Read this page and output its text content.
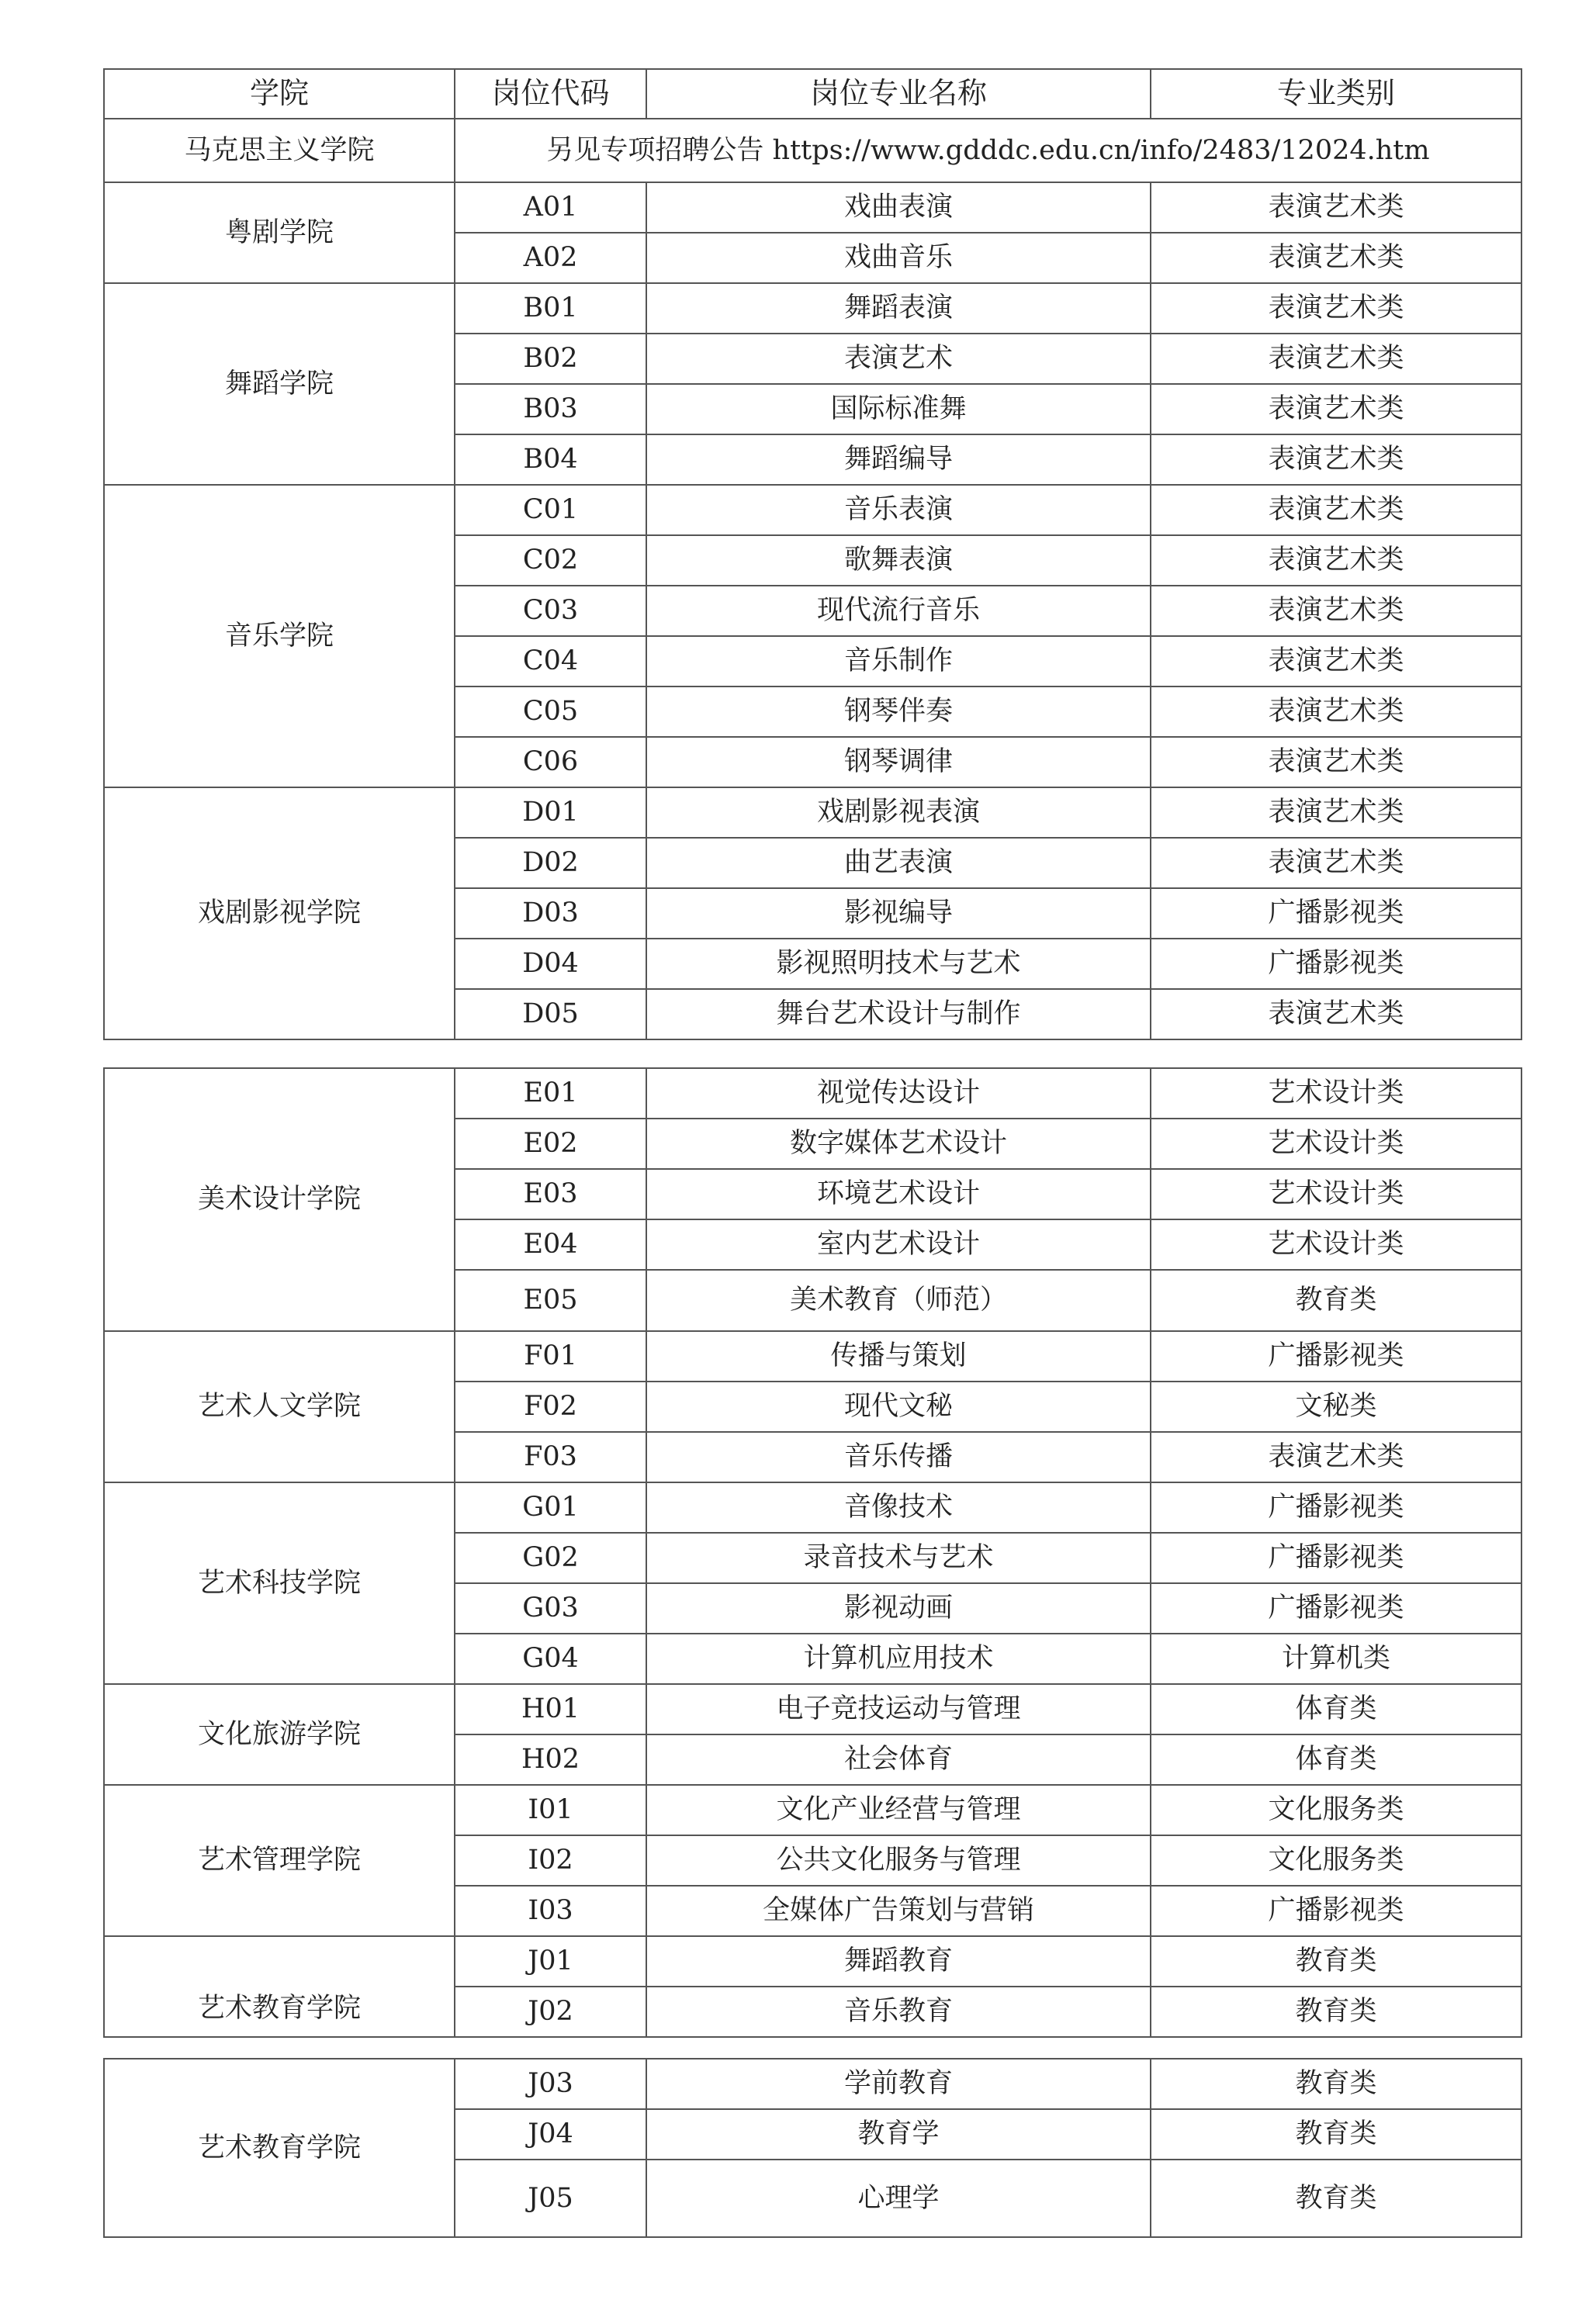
学院	岗位代码	岗位专业名称	专业类别
马克思主义学院	另见专项招聘公告 https://www.gdddc.edu.cn/info/2483/12024.htm		
粤剧学院	A01	戏曲表演	表演艺术类
	A02	戏曲音乐	表演艺术类
舞蹈学院	B01	舞蹈表演	表演艺术类
	B02	表演艺术	表演艺术类
	B03	国际标准舞	表演艺术类
	B04	舞蹈编导	表演艺术类
音乐学院	C01	音乐表演	表演艺术类
	C02	歌舞表演	表演艺术类
	C03	现代流行音乐	表演艺术类
	C04	音乐制作	表演艺术类
	C05	钢琴伴奏	表演艺术类
	C06	钢琴调律	表演艺术类
戏剧影视学院	D01	戏剧影视表演	表演艺术类
	D02	曲艺表演	表演艺术类
	D03	影视编导	广播影视类
	D04	影视照明技术与艺术	广播影视类
	D05	舞台艺术设计与制作	表演艺术类
美术设计学院	E01	视觉传达设计	艺术设计类
	E02	数字媒体艺术设计	艺术设计类
	E03	环境艺术设计	艺术设计类
	E04	室内艺术设计	艺术设计类
	E05	美术教育（师范）	教育类
艺术人文学院	F01	传播与策划	广播影视类
	F02	现代文秘	文秘类
	F03	音乐传播	表演艺术类
艺术科技学院	G01	音像技术	广播影视类
	G02	录音技术与艺术	广播影视类
	G03	影视动画	广播影视类
	G04	计算机应用技术	计算机类
文化旅游学院	H01	电子竞技运动与管理	体育类
	H02	社会体育	体育类
艺术管理学院	I01	文化产业经营与管理	文化服务类
	I02	公共文化服务与管理	文化服务类
	I03	全媒体广告策划与营销	广播影视类
艺术教育学院	J01	舞蹈教育	教育类
	J02	音乐教育	教育类
艺术教育学院	J03	学前教育	教育类
	J04	教育学	教育类
	J05	心理学	教育类
